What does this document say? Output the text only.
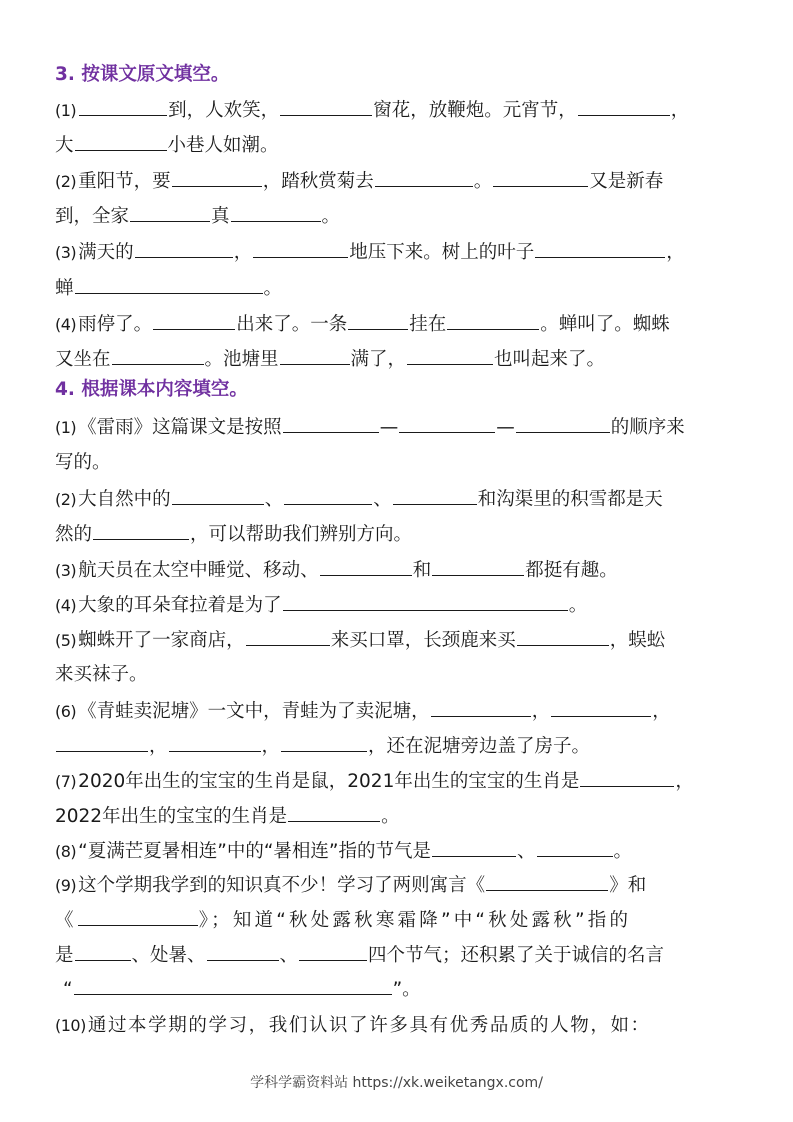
3. 按课文原文填空。
(1)	到，人欢笑，	窗花，放鞭炮。元宵节，	，
大	小巷人如潮。
(2) 重阳节，要	，踏秋赏菊去	。	又是新春
到，全家	真	。
(3) 满天的	，	地压下来。树上的叶子	，
蝉	。
(4) 雨停了。	出来了。一条	挂在	。蝉叫了。蜘蛛
又坐在	。池塘里	满了，	也叫起来了。
4. 根据课本内容填空。
(1) 《雷雨》这篇课文是按照	—	—	的顺序来
写的。
(2) 大自然中的	、	、	和沟渠里的积雪都是天
然的	，可以帮助我们辨别方向。
(3) 航天员在太空中睡觉、移动、	和	都挺有趣。
(4) 大象的耳朵耷拉着是为了	。
(5) 蜘蛛开了一家商店，	来买口罩，长颈鹿来买	，蜈蚣
来买袜子。
(6) 《青蛙卖泥塘》一文中，青蛙为了卖泥塘，	，	，
，	，	，还在泥塘旁边盖了房子。
(7) 2020年出生的宝宝的生肖是鼠，2021年出生的宝宝的生肖是	，
2022年出生的宝宝的生肖是	。
(8) “夏满芒夏暑相连”中的“暑相连”指的节气是	、	。
(9) 这个学期我学到的知识真不少！学习了两则寓言《	》和
《	》；知道“秋处露秋寒霜降”中“秋处露秋”指的
是	、处暑、	、	四个节气；还积累了关于诚信的名言
“	”。
(10) 通过本学期的学习，我们认识了许多具有优秀品质的人物，如：
学科学霸资料站 https://xk.weiketangx.com/
